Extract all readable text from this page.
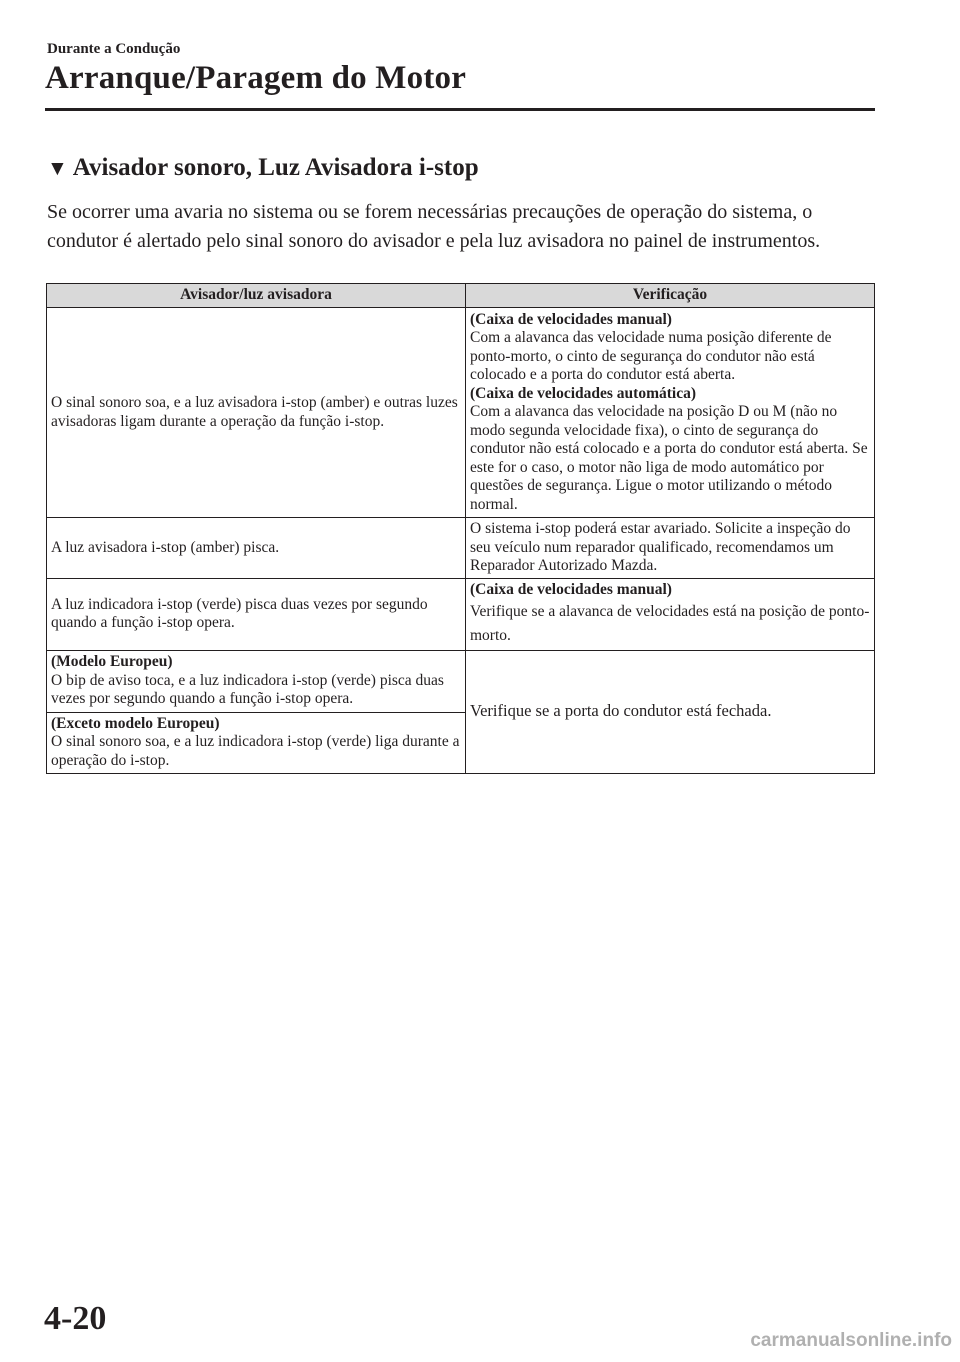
Durante a Condução
Arranque/Paragem do Motor
▼ Avisador sonoro, Luz Avisadora i-stop
Se ocorrer uma avaria no sistema ou se forem necessárias precauções de operação do sistema, o condutor é alertado pelo sinal sonoro do avisador e pela luz avisadora no painel de instrumentos.
Avisador/luz avisadora	Verificação

O sinal sonoro soa, e a luz avisadora i-stop (amber) e outras luzes avisadoras ligam durante a operação da função i-stop.	(Caixa de velocidades manual)
Com a alavanca das velocidade numa posição diferente de ponto-morto, o cinto de segurança do condutor não está colocado e a porta do condutor está aberta.
(Caixa de velocidades automática)
Com a alavanca das velocidade na posição D ou M (não no modo segunda velocidade fixa), o cinto de segurança do condutor não está colocado e a porta do condutor está aberta. Se este for o caso, o motor não liga de modo automático por questões de segurança. Ligue o motor utilizando o método normal.

A luz avisadora i-stop (amber) pisca.	O sistema i-stop poderá estar avariado. Solicite a inspeção do seu veículo num reparador qualificado, recomendamos um Reparador Autorizado Mazda.

A luz indicadora i-stop (verde) pisca duas vezes por segundo quando a função i-stop opera.	(Caixa de velocidades manual)
Verifique se a alavanca de velocidades está na posição de ponto-morto.

(Modelo Europeu)
O bip de aviso toca, e a luz indicadora i-stop (verde) pisca duas vezes por segundo quando a função i-stop opera.	Verifique se a porta do condutor está fechada.

(Exceto modelo Europeu)
O sinal sonoro soa, e a luz indicadora i-stop (verde) liga durante a operação do i-stop.	
4-20
carmanualsonline.info
